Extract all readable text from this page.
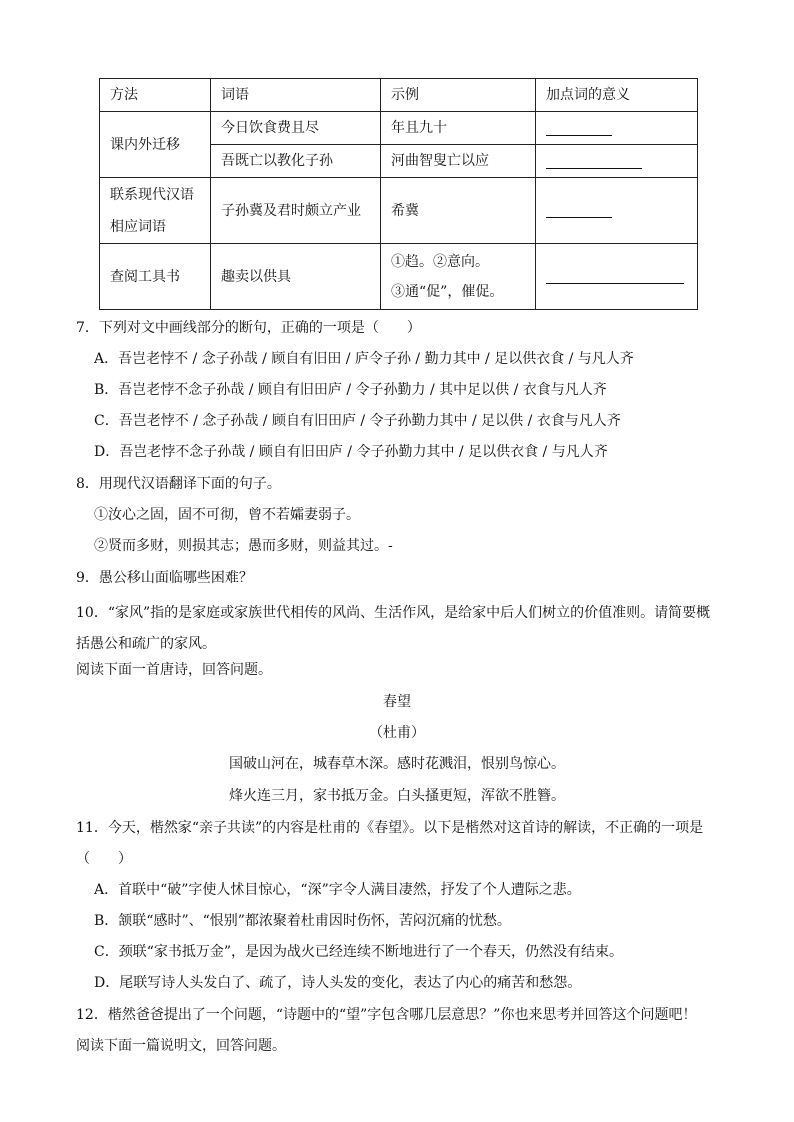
方法	词语	示例	加点词的意义
课内外迁移	今日饮食费且尽	年且九十	
	吾既亡以教化子孙	河曲智叟亡以应	

联系现代汉语
相应词语	子孙冀及君时颇立产业	希冀	
查阅工具书	趣卖以供具	①趋。②意向。
③通“促”，催促。	

7．下列对文中画线部分的断句，正确的一项是（　　）
A．吾岂老悖不 / 念子孙哉 / 顾自有旧田 / 庐令子孙 / 勤力其中 / 足以供衣食 / 与凡人齐
B．吾岂老悖不念子孙哉 / 顾自有旧田庐 / 令子孙勤力 / 其中足以供 / 衣食与凡人齐
C．吾岂老悖不 / 念子孙哉 / 顾自有旧田庐 / 令子孙勤力其中 / 足以供 / 衣食与凡人齐
D．吾岂老悖不念子孙哉 / 顾自有旧田庐 / 令子孙勤力其中 / 足以供衣食 / 与凡人齐
8．用现代汉语翻译下面的句子。
①汝心之固，固不可彻，曾不若孀妻弱子。
②贤而多财，则损其志；愚而多财，则益其过。-
9．愚公移山面临哪些困难？
10．“家风”指的是家庭或家族世代相传的风尚、生活作风，是给家中后人们树立的价值准则。请简要概括愚公和疏广的家风。
阅读下面一首唐诗，回答问题。
春望
（杜甫）
国破山河在，城春草木深。感时花溅泪，恨别鸟惊心。
烽火连三月，家书抵万金。白头搔更短，浑欲不胜簪。
11．今天，楷然家“亲子共读”的内容是杜甫的《春望》。以下是楷然对这首诗的解读，不正确的一项是
（　　）
A．首联中“破”字使人怵目惊心，“深”字令人满目凄然，抒发了个人遭际之悲。
B．颔联“感时”、“恨别”都浓聚着杜甫因时伤怀，苦闷沉痛的忧愁。
C．颈联“家书抵万金”，是因为战火已经连续不断地进行了一个春天，仍然没有结束。
D．尾联写诗人头发白了、疏了，诗人头发的变化，表达了内心的痛苦和愁怨。
12．楷然爸爸提出了一个问题，“诗题中的“望”字包含哪几层意思？”你也来思考并回答这个问题吧！
阅读下面一篇说明文，回答问题。
